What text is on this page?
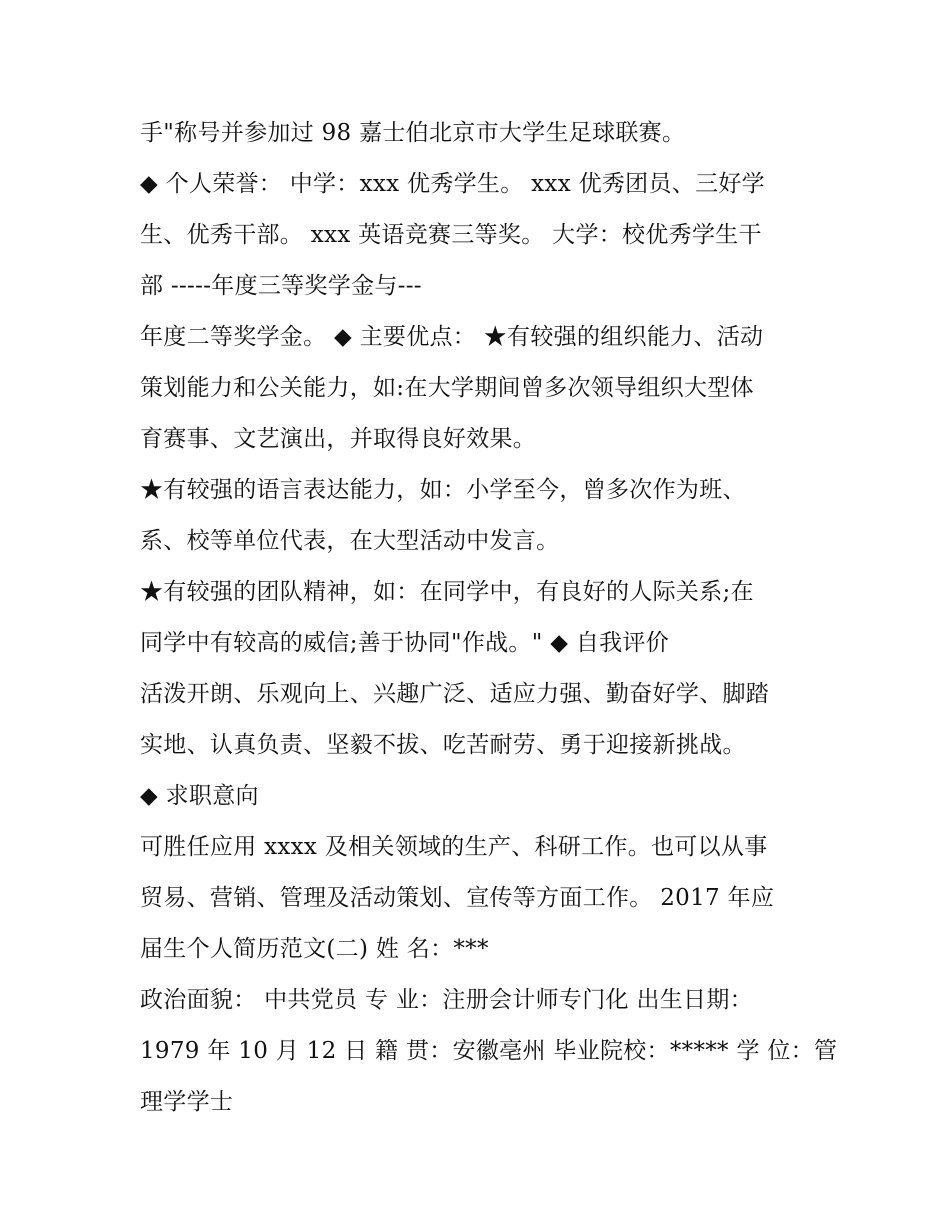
手"称号并参加过 98 嘉士伯北京市大学生足球联赛。
◆ 个人荣誉： 中学：xxx 优秀学生。 xxx 优秀团员、三好学
生、优秀干部。 xxx 英语竞赛三等奖。 大学：校优秀学生干
部 -----年度三等奖学金与---
年度二等奖学金。 ◆ 主要优点： ★有较强的组织能力、活动
策划能力和公关能力，如:在大学期间曾多次领导组织大型体
育赛事、文艺演出，并取得良好效果。
★有较强的语言表达能力，如：小学至今，曾多次作为班、
系、校等单位代表，在大型活动中发言。
★有较强的团队精神，如：在同学中，有良好的人际关系;在
同学中有较高的威信;善于协同"作战。" ◆ 自我评价
活泼开朗、乐观向上、兴趣广泛、适应力强、勤奋好学、脚踏
实地、认真负责、坚毅不拔、吃苦耐劳、勇于迎接新挑战。
◆ 求职意向
可胜任应用 xxxx 及相关领域的生产、科研工作。也可以从事
贸易、营销、管理及活动策划、宣传等方面工作。 2017 年应
届生个人简历范文(二) 姓 名：***
政治面貌： 中共党员 专 业：注册会计师专门化 出生日期：
1979 年 10 月 12 日 籍 贯：安徽亳州 毕业院校：***** 学 位：管
理学学士
